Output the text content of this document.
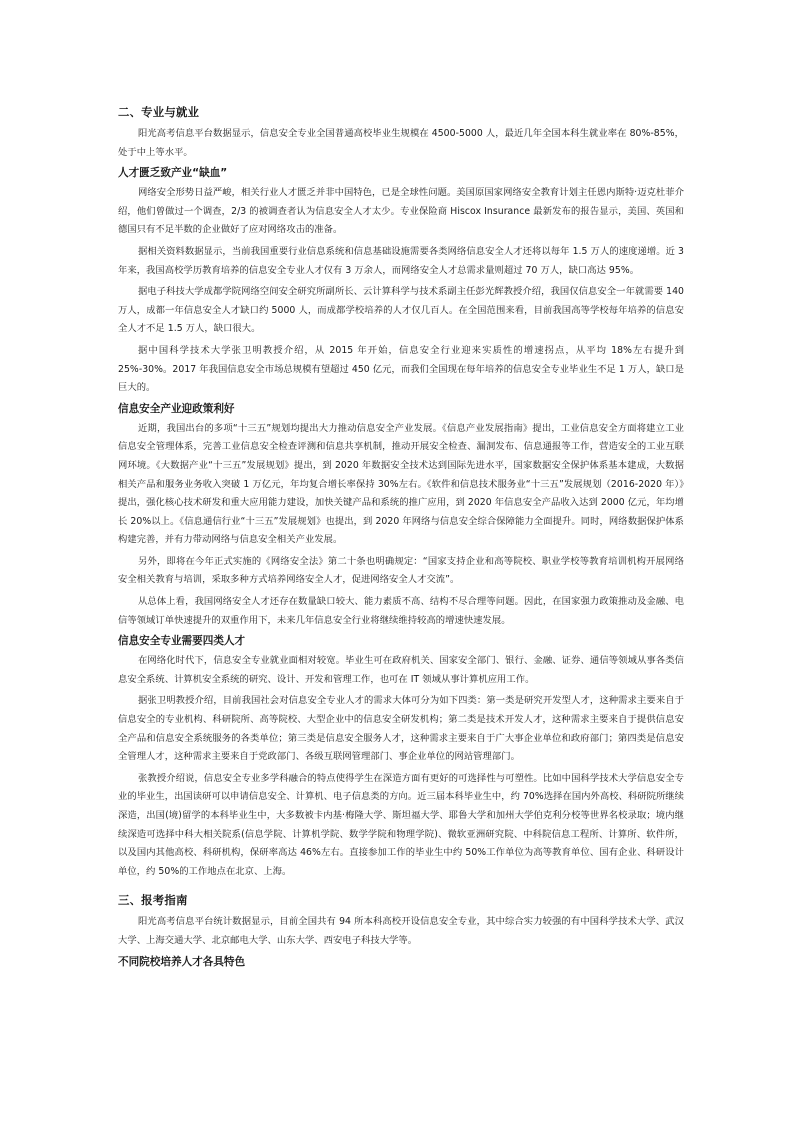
二、专业与就业
阳光高考信息平台数据显示，信息安全专业全国普通高校毕业生规模在 4500-5000 人，最近几年全国本科生就业率在 80%-85%，处于中上等水平。
人才匮乏致产业“缺血”
网络安全形势日益严峻，相关行业人才匮乏并非中国特色，已是全球性问题。美国原国家网络安全教育计划主任恩内斯特·迈克杜菲介绍，他们曾做过一个调查，2/3 的被调查者认为信息安全人才太少。专业保险商 Hiscox Insurance 最新发布的报告显示，美国、英国和德国只有不足半数的企业做好了应对网络攻击的准备。
据相关资料数据显示，当前我国重要行业信息系统和信息基础设施需要各类网络信息安全人才还将以每年 1.5 万人的速度递增。近 3 年来，我国高校学历教育培养的信息安全专业人才仅有 3 万余人，而网络安全人才总需求量则超过 70 万人，缺口高达 95%。
据电子科技大学成都学院网络空间安全研究所副所长、云计算科学与技术系副主任彭光辉教授介绍，我国仅信息安全一年就需要 140 万人，成都一年信息安全人才缺口约 5000 人，而成都学校培养的人才仅几百人。在全国范围来看，目前我国高等学校每年培养的信息安全人才不足 1.5 万人，缺口很大。
据中国科学技术大学张卫明教授介绍，从 2015 年开始，信息安全行业迎来实质性的增速拐点，从平均 18%左右提升到 25%-30%。2017 年我国信息安全市场总规模有望超过 450 亿元，而我们全国现在每年培养的信息安全专业毕业生不足 1 万人，缺口是巨大的。
信息安全产业迎政策利好
近期，我国出台的多项“十三五”规划均提出大力推动信息安全产业发展。《信息产业发展指南》提出，工业信息安全方面将建立工业信息安全管理体系，完善工业信息安全检查评测和信息共享机制，推动开展安全检查、漏洞发布、信息通报等工作，营造安全的工业互联网环境。《大数据产业“十三五”发展规划》提出，到 2020 年数据安全技术达到国际先进水平，国家数据安全保护体系基本建成，大数据相关产品和服务业务收入突破 1 万亿元，年均复合增长率保持 30%左右。《软件和信息技术服务业“十三五”发展规划（2016-2020 年）》提出，强化核心技术研发和重大应用能力建设，加快关键产品和系统的推广应用，到 2020 年信息安全产品收入达到 2000 亿元，年均增长 20%以上。《信息通信行业“十三五”发展规划》也提出，到 2020 年网络与信息安全综合保障能力全面提升。同时，网络数据保护体系构建完善，并有力带动网络与信息安全相关产业发展。
另外，即将在今年正式实施的《网络安全法》第二十条也明确规定：“国家支持企业和高等院校、职业学校等教育培训机构开展网络安全相关教育与培训，采取多种方式培养网络安全人才，促进网络安全人才交流”。
从总体上看，我国网络安全人才还存在数量缺口较大、能力素质不高、结构不尽合理等问题。因此，在国家强力政策推动及金融、电信等领域订单快速提升的双重作用下，未来几年信息安全行业将继续维持较高的增速快速发展。
信息安全专业需要四类人才
在网络化时代下，信息安全专业就业面相对较宽。毕业生可在政府机关、国家安全部门、银行、金融、证券、通信等领域从事各类信息安全系统、计算机安全系统的研究、设计、开发和管理工作，也可在 IT 领域从事计算机应用工作。
据张卫明教授介绍，目前我国社会对信息安全专业人才的需求大体可分为如下四类：第一类是研究开发型人才，这种需求主要来自于信息安全的专业机构、科研院所、高等院校、大型企业中的信息安全研发机构；第二类是技术开发人才，这种需求主要来自于提供信息安全产品和信息安全系统服务的各类单位；第三类是信息安全服务人才，这种需求主要来自于广大事企业单位和政府部门；第四类是信息安全管理人才，这种需求主要来自于党政部门、各级互联网管理部门、事企业单位的网站管理部门。
张教授介绍说，信息安全专业多学科融合的特点使得学生在深造方面有更好的可选择性与可塑性。比如中国科学技术大学信息安全专业的毕业生，出国读研可以申请信息安全、计算机、电子信息类的方向。近三届本科毕业生中，约 70%选择在国内外高校、科研院所继续深造，出国(境)留学的本科毕业生中，大多数被卡内基·梅隆大学、斯坦福大学、耶鲁大学和加州大学伯克利分校等世界名校录取；境内继续深造可选择中科大相关院系(信息学院、计算机学院、数学学院和物理学院)、微软亚洲研究院、中科院信息工程所、计算所、软件所，以及国内其他高校、科研机构，保研率高达 46%左右。直接参加工作的毕业生中约 50%工作单位为高等教育单位、国有企业、科研设计单位，约 50%的工作地点在北京、上海。
三、报考指南
阳光高考信息平台统计数据显示，目前全国共有 94 所本科高校开设信息安全专业，其中综合实力较强的有中国科学技术大学、武汉大学、上海交通大学、北京邮电大学、山东大学、西安电子科技大学等。
不同院校培养人才各具特色
